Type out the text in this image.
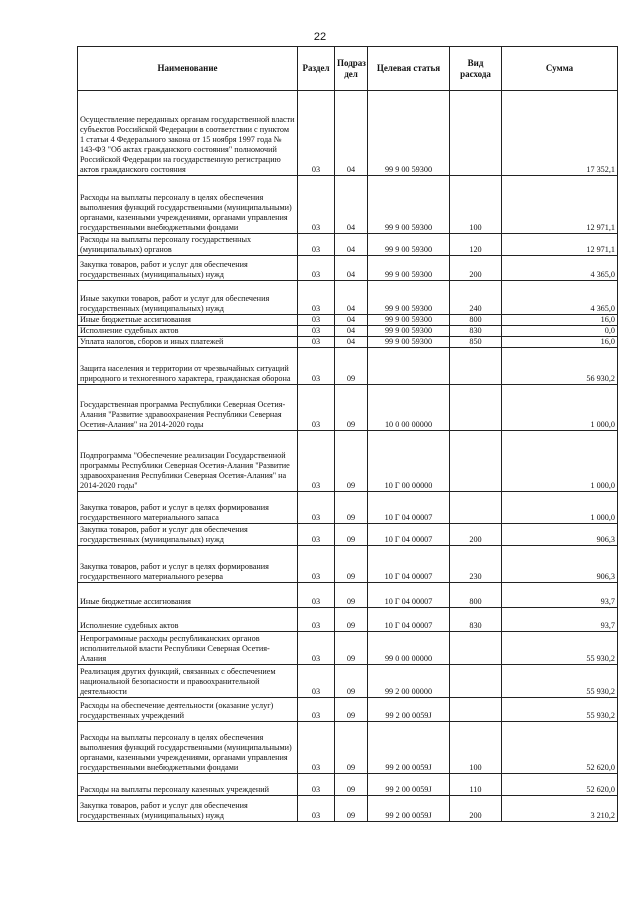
22
Наименование	Раздел	Подраз дел	Целевая статья	Вид расхода	Сумма
Осуществление переданных органам государственной власти субъектов Российской Федерации в соответствии с пунктом 1 статьи 4 Федерального закона от 15 ноября 1997 года № 143-ФЗ "Об актах гражданского состояния" полномочий Российской Федерации на государственную регистрацию актов гражданского состояния	03	04	99 9 00 59300		17 352,1
Расходы на выплаты персоналу в целях обеспечения выполнения функций государственными (муниципальными) органами, казенными учреждениями, органами управления государственными внебюджетными фондами	03	04	99 9 00 59300	100	12 971,1
Расходы на выплаты персоналу государственных (муниципальных) органов	03	04	99 9 00 59300	120	12 971,1
Закупка товаров, работ и услуг для обеспечения государственных (муниципальных) нужд	03	04	99 9 00 59300	200	4 365,0
Иные закупки товаров, работ и услуг для обеспечения государственных (муниципальных) нужд	03	04	99 9 00 59300	240	4 365,0
Иные бюджетные ассигнования	03	04	99 9 00 59300	800	16,0
Исполнение судебных актов	03	04	99 9 00 59300	830	0,0
Уплата налогов, сборов и иных платежей	03	04	99 9 00 59300	850	16,0
Защита населения и территории от чрезвычайных ситуаций природного и техногенного характера, гражданская оборона	03	09			56 930,2
Государственная программа Республики Северная Осетия-Алания "Развитие здравоохранения Республики Северная Осетия-Алания" на 2014-2020 годы	03	09	10 0 00 00000		1 000,0
Подпрограмма "Обеспечение реализации Государственной программы Республики Северная Осетия-Алания "Развитие здравоохранения Республики Северная Осетия-Алания" на 2014-2020 годы"	03	09	10 Г 00 00000		1 000,0
Закупка товаров, работ и услуг в целях формирования государственного материального запаса	03	09	10 Г 04 00007		1 000,0
Закупка товаров, работ и услуг для обеспечения государственных (муниципальных) нужд	03	09	10 Г 04 00007	200	906,3
Закупка товаров, работ и услуг в целях формирования государственного материального резерва	03	09	10 Г 04 00007	230	906,3
Иные бюджетные ассигнования	03	09	10 Г 04 00007	800	93,7
Исполнение судебных актов	03	09	10 Г 04 00007	830	93,7
Непрограммные расходы республиканских органов исполнительной власти Республики Северная Осетия-Алания	03	09	99 0 00 00000		55 930,2
Реализация других функций, связанных с обеспечением национальной безопасности и правоохранительной деятельности	03	09	99 2 00 00000		55 930,2
Расходы на обеспечение деятельности (оказание услуг) государственных учреждений	03	09	99 2 00 0059J		55 930,2
Расходы на выплаты персоналу в целях обеспечения выполнения функций государственными (муниципальными) органами, казенными учреждениями, органами управления государственными внебюджетными фондами	03	09	99 2 00 0059J	100	52 620,0
Расходы на выплаты персоналу казенных учреждений	03	09	99 2 00 0059J	110	52 620,0
Закупка товаров, работ и услуг для обеспечения государственных (муниципальных) нужд	03	09	99 2 00 0059J	200	3 210,2
